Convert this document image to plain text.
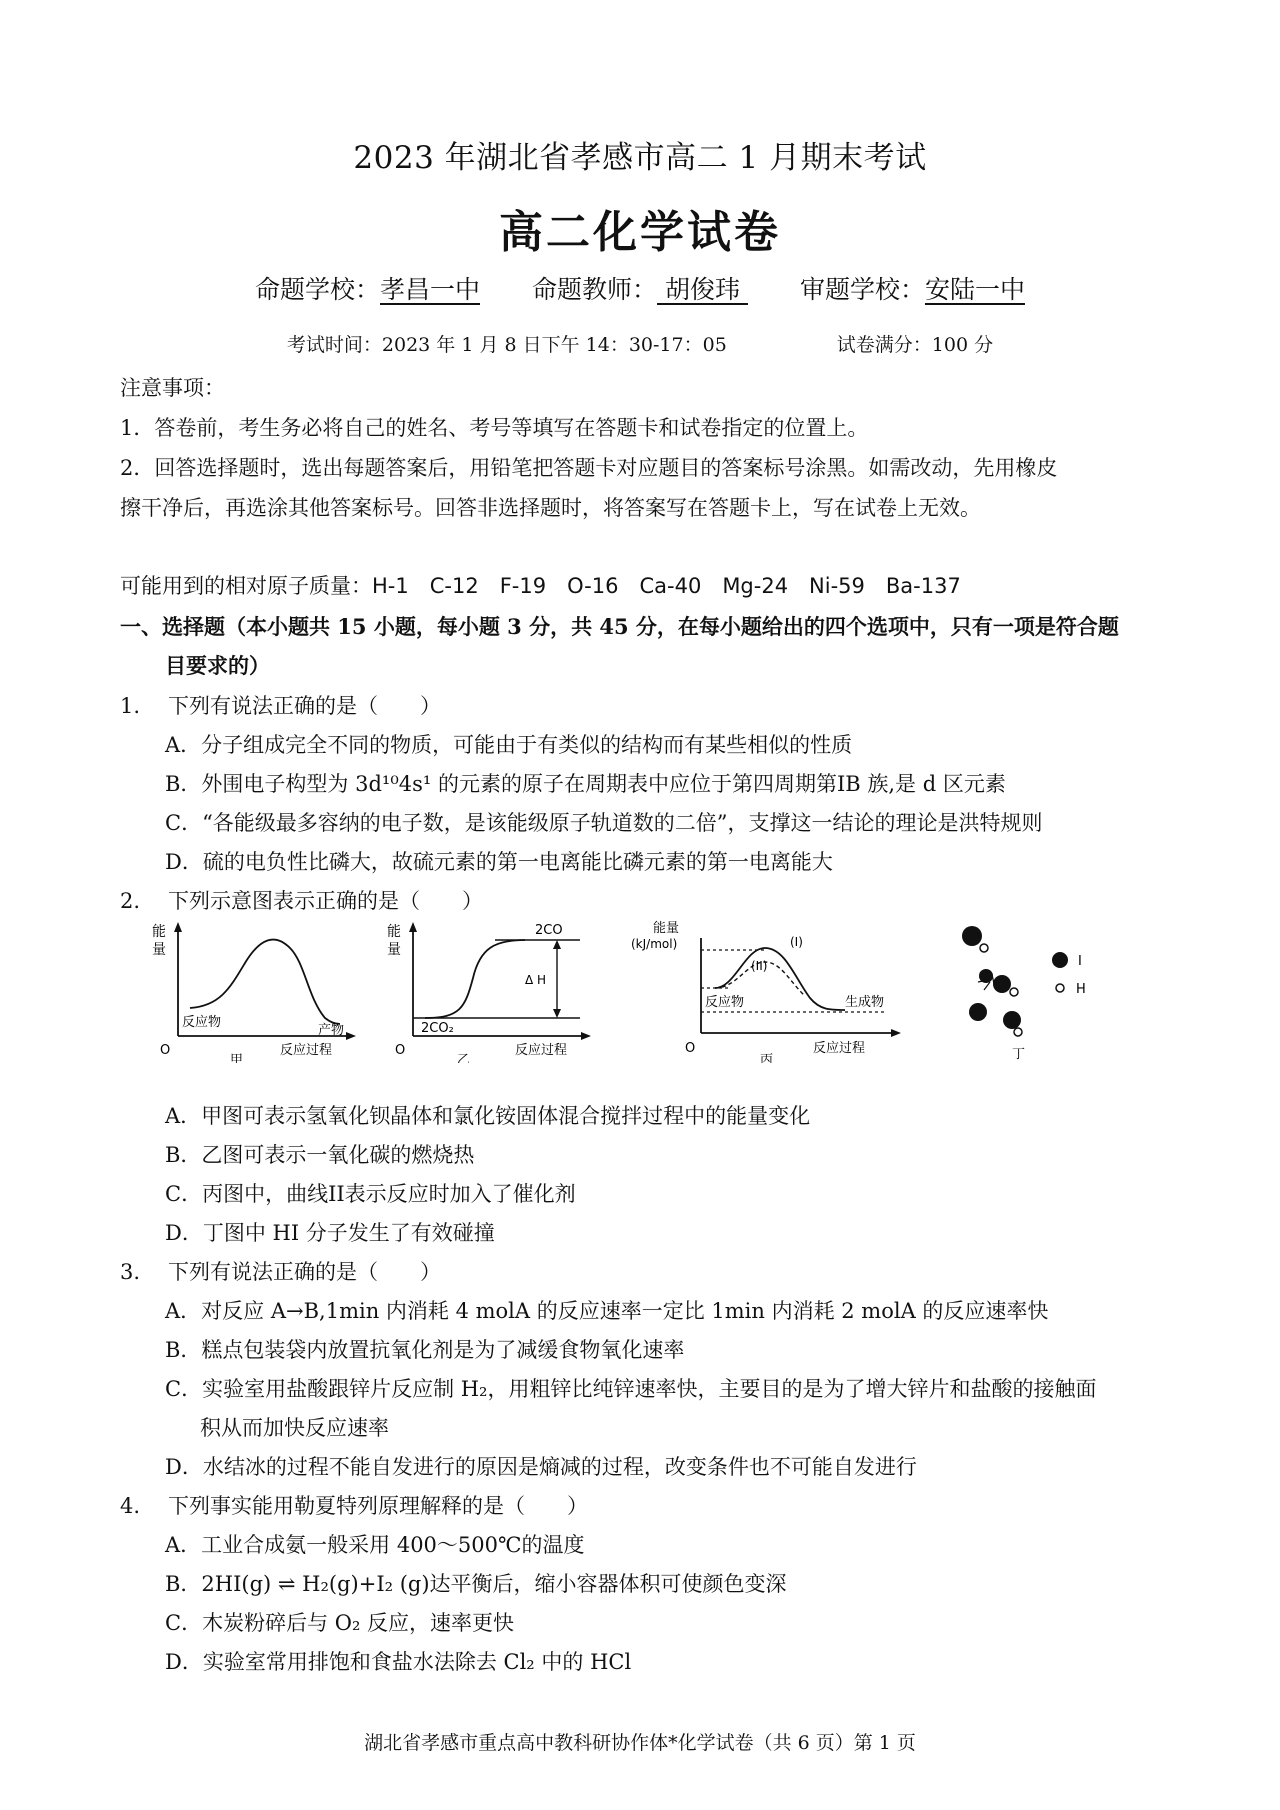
2023 年湖北省孝感市高二 1 月期末考试
高二化学试卷
命题学校：孝昌一中 命题教师： 胡俊玮 审题学校：安陆一中
考试时间：2023 年 1 月 8 日下午 14：30-17：05	试卷满分：100 分
注意事项：
1．答卷前，考生务必将自己的姓名、考号等填写在答题卡和试卷指定的位置上。
2．回答选择题时，选出每题答案后，用铅笔把答题卡对应题目的答案标号涂黑。如需改动，先用橡皮
擦干净后，再选涂其他答案标号。回答非选择题时，将答案写在答题卡上，写在试卷上无效。
可能用到的相对原子质量：H-1　C-12　F-19　O-16　Ca-40　Mg-24　Ni-59　Ba-137
一、选择题（本小题共 15 小题，每小题 3 分，共 45 分，在每小题给出的四个选项中，只有一项是符合题
目要求的）
1. 下列有说法正确的是（　　）
A．分子组成完全不同的物质，可能由于有类似的结构而有某些相似的性质
B．外围电子构型为 3d¹⁰4s¹ 的元素的原子在周期表中应位于第四周期第IB 族,是 d 区元素
C．“各能级最多容纳的电子数，是该能级原子轨道数的二倍”，支撑这一结论的理论是洪特规则
D．硫的电负性比磷大，故硫元素的第一电离能比磷元素的第一电离能大
2. 下列示意图表示正确的是（　　）
能
量
反应物
产物
O	反应过程
甲
能
量
2CO
Δ H
2CO₂
O	反应过程
乙
能量
(kJ/mol)	(I)
(II)
反应物	生成物
O	反应过程
丙
I
H
丁
A．甲图可表示氢氧化钡晶体和氯化铵固体混合搅拌过程中的能量变化
B．乙图可表示一氧化碳的燃烧热
C．丙图中，曲线II表示反应时加入了催化剂
D．丁图中 HI 分子发生了有效碰撞
3. 下列有说法正确的是（　　）
A．对反应 A→B,1min 内消耗 4 molA 的反应速率一定比 1min 内消耗 2 molA 的反应速率快
B．糕点包装袋内放置抗氧化剂是为了减缓食物氧化速率
C．实验室用盐酸跟锌片反应制 H₂，用粗锌比纯锌速率快，主要目的是为了增大锌片和盐酸的接触面
积从而加快反应速率
D．水结冰的过程不能自发进行的原因是熵减的过程，改变条件也不可能自发进行
4. 下列事实能用勒夏特列原理解释的是（　　）
A．工业合成氨一般采用 400～500℃的温度
B．2HI(g) ⇌ H₂(g)+I₂ (g)达平衡后，缩小容器体积可使颜色变深
C．木炭粉碎后与 O₂ 反应，速率更快
D．实验室常用排饱和食盐水法除去 Cl₂ 中的 HCl
湖北省孝感市重点高中教科研协作体*化学试卷（共 6 页）第 1 页
